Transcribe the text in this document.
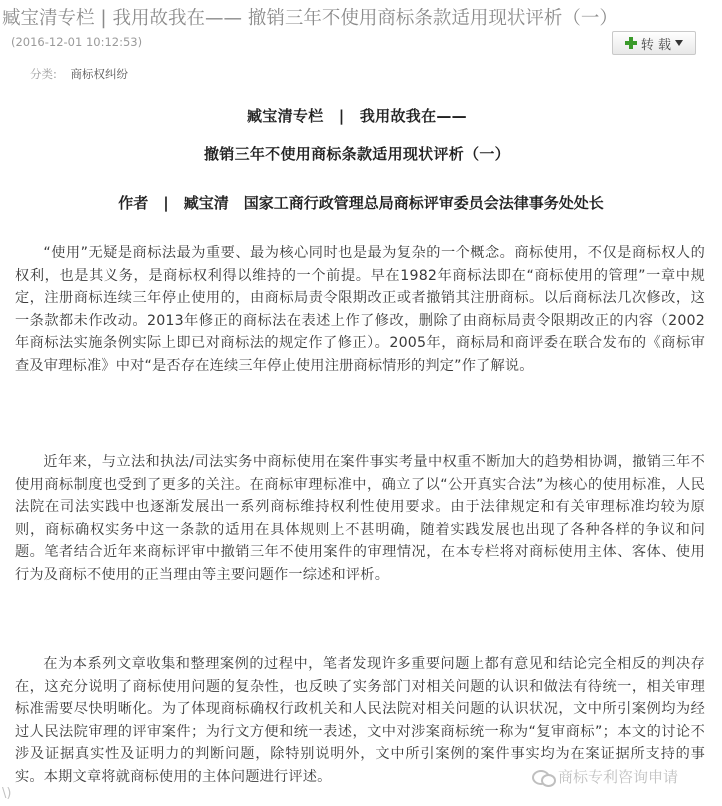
臧宝清专栏 | 我用故我在—— 撤销三年不使用商标条款适用现状评析（一）
(2016-12-01 10:12:53)	转 载
分类: 商标权纠纷
臧宝清专栏　|　我用故我在——
撤销三年不使用商标条款适用现状评析（一）
作者　|　臧宝清　国家工商行政管理总局商标评审委员会法律事务处处长

“使用”无疑是商标法最为重要、最为核心同时也是最为复杂的一个概念。商标使用，不仅是商标权人的权利，也是其义务，是商标权利得以维持的一个前提。早在1982年商标法即在“商标使用的管理”一章中规定，注册商标连续三年停止使用的，由商标局责令限期改正或者撤销其注册商标。以后商标法几次修改，这一条款都未作改动。2013年修正的商标法在表述上作了修改，删除了由商标局责令限期改正的内容（2002年商标法实施条例实际上即已对商标法的规定作了修正）。2005年，商标局和商评委在联合发布的《商标审查及审理标准》中对“是否存在连续三年停止使用注册商标情形的判定”作了解说。

近年来，与立法和执法/司法实务中商标使用在案件事实考量中权重不断加大的趋势相协调，撤销三年不使用商标制度也受到了更多的关注。在商标审理标准中，确立了以“公开真实合法”为核心的使用标准，人民法院在司法实践中也逐渐发展出一系列商标维持权利性使用要求。由于法律规定和有关审理标准均较为原则，商标确权实务中这一条款的适用在具体规则上不甚明确，随着实践发展也出现了各种各样的争议和问题。笔者结合近年来商标评审中撤销三年不使用案件的审理情况，在本专栏将对商标使用主体、客体、使用行为及商标不使用的正当理由等主要问题作一综述和评析。

在为本系列文章收集和整理案例的过程中，笔者发现许多重要问题上都有意见和结论完全相反的判决存在，这充分说明了商标使用问题的复杂性，也反映了实务部门对相关问题的认识和做法有待统一，相关审理标准需要尽快明晰化。为了体现商标确权行政机关和人民法院对相关问题的认识状况，文中所引案例均为经过人民法院审理的评审案件；为行文方便和统一表述，文中对涉案商标统一称为“复审商标”；本文的讨论不涉及证据真实性及证明力的判断问题，除特别说明外，文中所引案例的案件事实均为在案证据所支持的事实。本期文章将就商标使用的主体问题进行评述。	商标专利咨询申请
\)
